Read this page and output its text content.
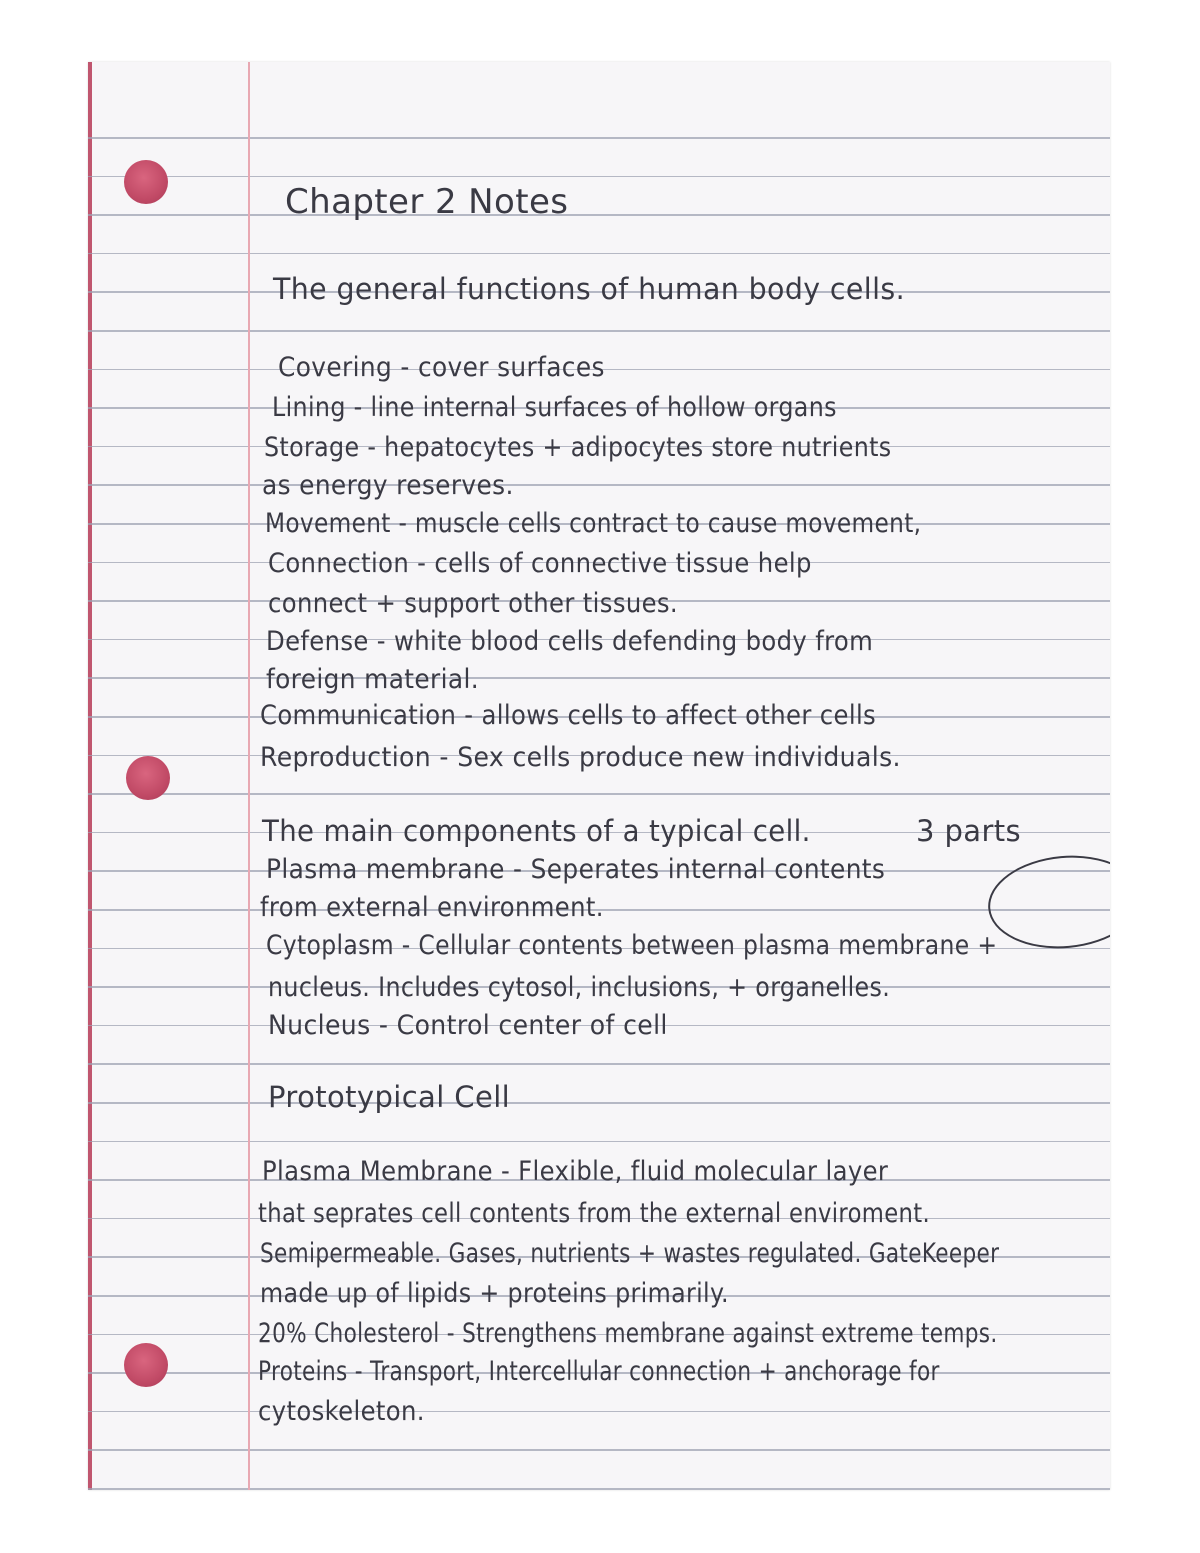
Chapter 2 Notes
The general functions of human body cells.
Covering - cover surfaces
Lining - line internal surfaces of hollow organs
Storage - hepatocytes + adipocytes store nutrients
as energy reserves.
Movement - muscle cells contract to cause movement,
Connection - cells of connective tissue help
connect + support other tissues.
Defense - white blood cells defending body from
foreign material.
Communication - allows cells to affect other cells
Reproduction - Sex cells produce new individuals.
The main components of a typical cell.	3 parts
Plasma membrane - Seperates internal contents
from external environment.
Cytoplasm - Cellular contents between plasma membrane +
nucleus. Includes cytosol, inclusions, + organelles.
Nucleus - Control center of cell
Prototypical Cell
Plasma Membrane - Flexible, fluid molecular layer
that seprates cell contents from the external enviroment.
Semipermeable. Gases, nutrients + wastes regulated. GateKeeper
made up of lipids + proteins primarily.
20% Cholesterol - Strengthens membrane against extreme temps.
Proteins - Transport, Intercellular connection + anchorage for
cytoskeleton.
